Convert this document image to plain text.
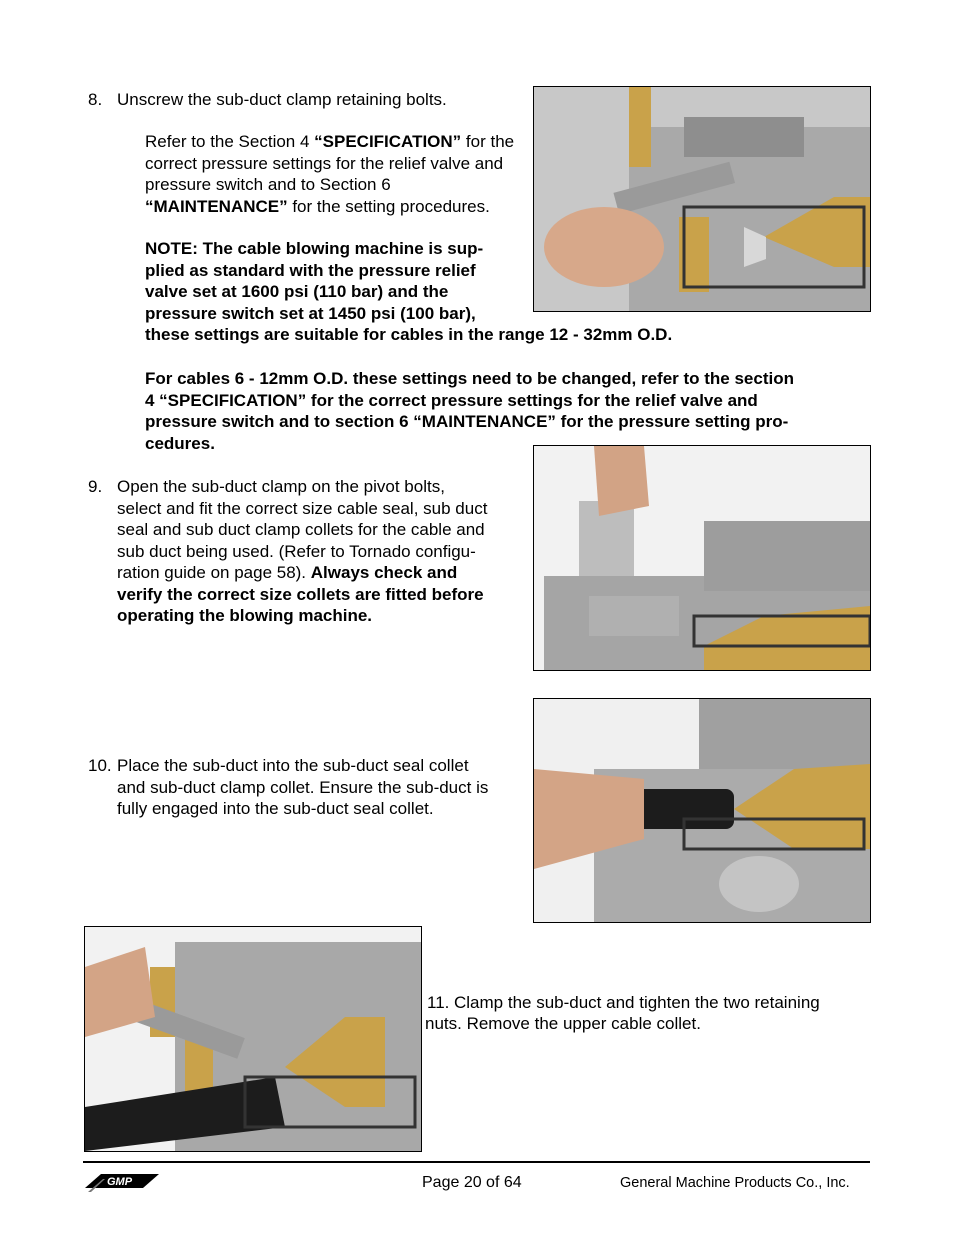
8. Unscrew the sub-duct clamp retaining bolts.
Refer to the Section 4 “SPECIFICATION” for the correct pressure settings for the relief valve and pressure switch and to Section 6 “MAINTENANCE” for the setting procedures.
NOTE: The cable blowing machine is sup-
plied as standard with the pressure relief
valve set at 1600 psi (110 bar) and the
pressure switch set at 1450 psi (100 bar),
these settings are suitable for cables in the range 12 - 32mm O.D.
For cables 6 - 12mm O.D. these settings need to be changed, refer to the section
4 “SPECIFICATION” for the correct pressure settings for the relief valve and
pressure switch and to section 6 “MAINTENANCE” for the pressure setting pro-
cedures.
9. Open the sub-duct clamp on the pivot bolts,
select and fit the correct size cable seal, sub duct
seal and sub duct clamp collets for the cable and
sub duct being used. (Refer to Tornado configu-
ration guide on page 58). Always check and
verify the correct size collets are fitted before
operating the blowing machine.
10. Place the sub-duct into the sub-duct seal collet
and sub-duct clamp collet. Ensure the sub-duct is
fully engaged into the sub-duct seal collet.
11. Clamp the sub-duct and tighten the two retaining
nuts. Remove the upper cable collet.
GMP	Page 20 of 64	General Machine Products Co., Inc.
